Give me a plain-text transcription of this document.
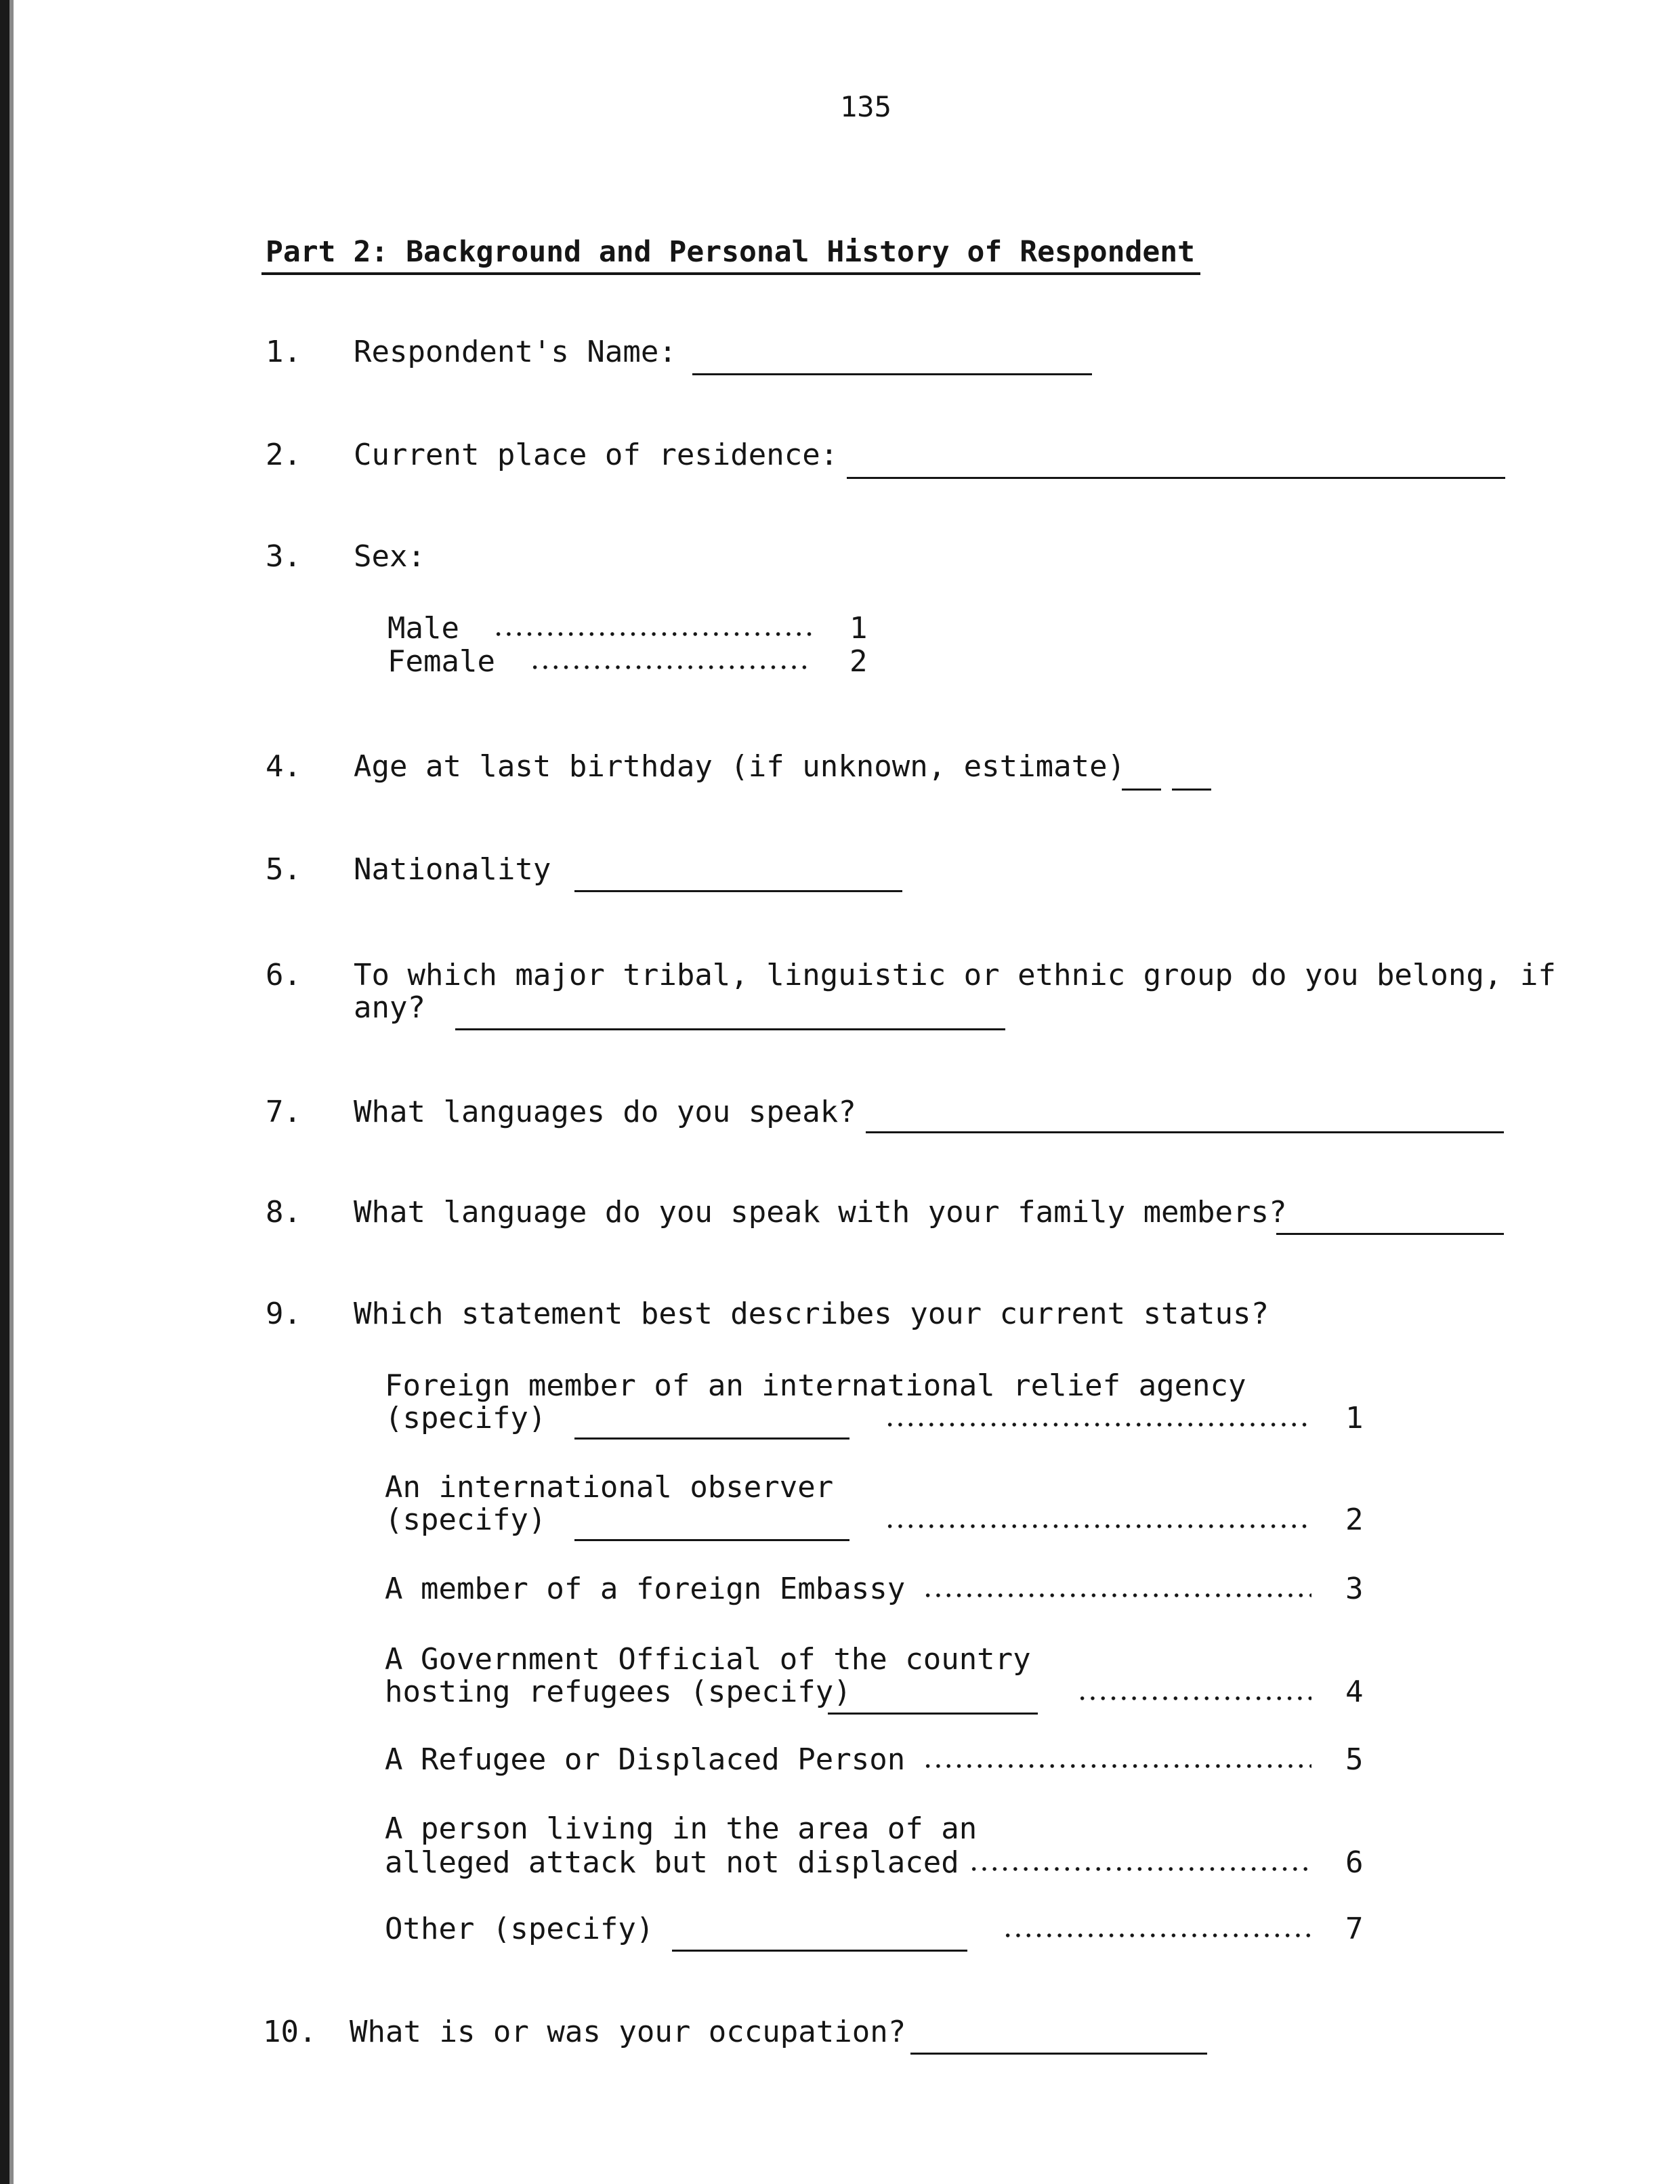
135
Part 2: Background and Personal History of Respondent
1. Respondent's Name:
2. Current place of residence:
3. Sex:
Male	1
Female	2
4. Age at last birthday (if unknown, estimate)
5. Nationality
6. To which major tribal, linguistic or ethnic group do you belong, if
any?
7. What languages do you speak?
8. What language do you speak with your family members?
9. Which statement best describes your current status?
Foreign member of an international relief agency
(specify)	1
An international observer
(specify)	2
A member of a foreign Embassy	3
A Government Official of the country
hosting refugees (specify)	4
A Refugee or Displaced Person	5
A person living in the area of an
alleged attack but not displaced	6
Other (specify)	7
10. What is or was your occupation?
